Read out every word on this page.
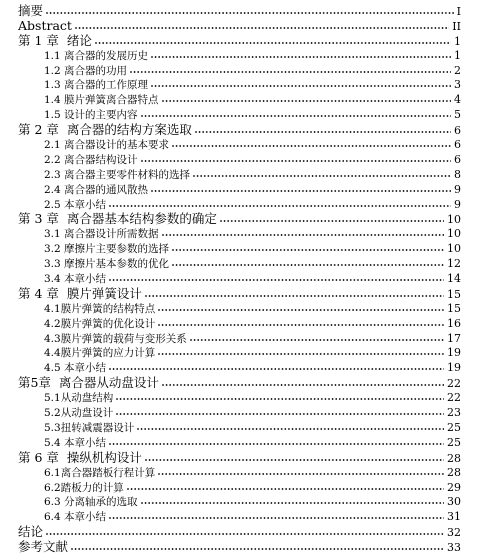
摘要	I
Abstract	II
第 1 章  绪论	1
1.1 离合器的发展历史	1
1.2 离合器的功用	2
1.3 离合器的工作原理	3
1.4 膜片弹簧离合器特点	4
1.5 设计的主要内容	5
第 2 章  离合器的结构方案选取	6
2.1 离合器设计的基本要求	6
2.2 离合器结构设计	6
2.3 离合器主要零件材料的选择	8
2.4 离合器的通风散热	9
2.5 本章小结	9
第 3 章  离合器基本结构参数的确定	10
3.1 离合器设计所需数据	10
3.2 摩擦片主要参数的选择	10
3.3 摩擦片基本参数的优化	12
3.4 本章小结	14
第 4 章  膜片弹簧设计	15
4.1膜片弹簧的结构特点	15
4.2膜片弹簧的优化设计	16
4.3膜片弹簧的载荷与变形关系	17
4.4膜片弹簧的应力计算	19
4.5 本章小结	19
第5章  离合器从动盘设计	22
5.1从动盘结构	22
5.2从动盘设计	23
5.3扭转减震器设计	25
5.4 本章小结	25
第 6 章  操纵机构设计	28
6.1离合器踏板行程计算	28
6.2踏板力的计算	29
6.3 分离轴承的选取	30
6.4 本章小结	31
结论	32
参考文献	33
